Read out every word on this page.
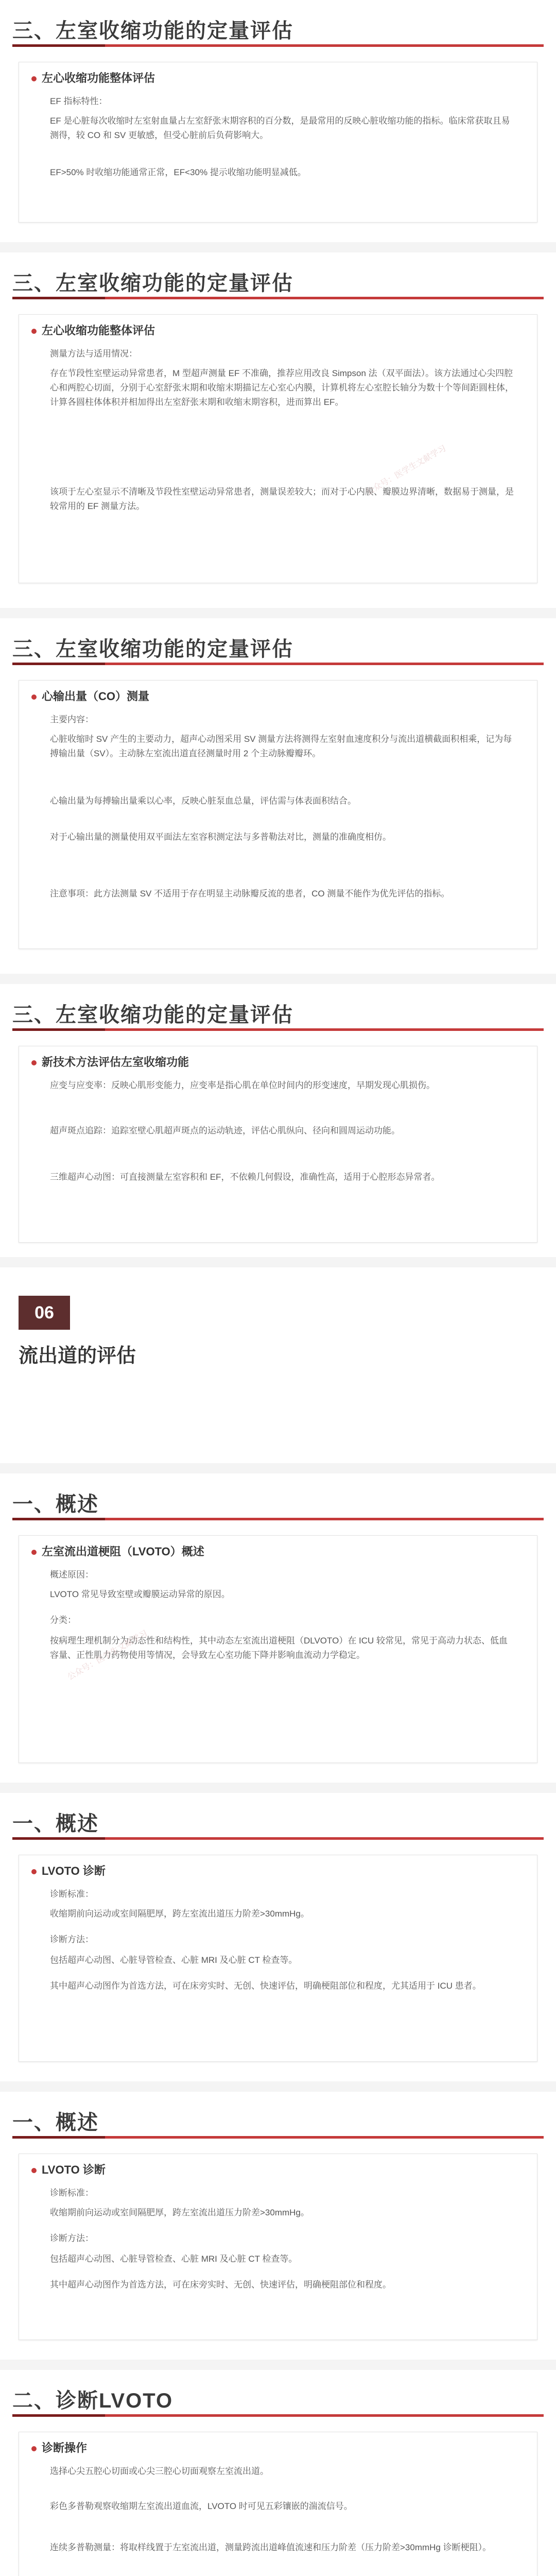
三、左室收缩功能的定量评估
左心收缩功能整体评估
EF 指标特性：
EF 是心脏每次收缩时左室射血量占左室舒张末期容积的百分数，是最常用的反映心脏收缩功能的指标。临床常获取且易测得，较 CO 和 SV 更敏感，但受心脏前后负荷影响大。
EF>50% 时收缩功能通常正常，EF<30% 提示收缩功能明显减低。
三、左室收缩功能的定量评估
左心收缩功能整体评估
测量方法与适用情况：
存在节段性室壁运动异常患者，M 型超声测量 EF 不准确，推荐应用改良 Simpson 法（双平面法）。该方法通过心尖四腔心和两腔心切面，分别于心室舒张末期和收缩末期描记左心室心内膜，计算机将左心室腔长轴分为数十个等间距圆柱体，计算各圆柱体体积并相加得出左室舒张末期和收缩末期容积，进而算出 EF。
该项于左心室显示不清晰及节段性室壁运动异常患者，测量误差较大；而对于心内膜、瓣膜边界清晰，数据易于测量，是较常用的 EF 测量方法。
三、左室收缩功能的定量评估
心输出量（CO）测量
主要内容：
心脏收缩时 SV 产生的主要动力，超声心动图采用 SV 测量方法将测得左室射血速度积分与流出道横截面积相乘，记为每搏输出量（SV）。主动脉左室流出道直径测量时用 2 个主动脉瓣瓣环。
心输出量为每搏输出量乘以心率，反映心脏泵血总量，评估需与体表面积结合。
对于心输出量的测量使用双平面法左室容积测定法与多普勒法对比，测量的准确度相仿。
注意事项：此方法测量 SV 不适用于存在明显主动脉瓣反流的患者，CO 测量不能作为优先评估的指标。
三、左室收缩功能的定量评估
新技术方法评估左室收缩功能
应变与应变率：反映心肌形变能力，应变率是指心肌在单位时间内的形变速度，早期发现心肌损伤。
超声斑点追踪：追踪室壁心肌超声斑点的运动轨迹，评估心肌纵向、径向和圆周运动功能。
三维超声心动图：可直接测量左室容积和 EF，不依赖几何假设，准确性高，适用于心腔形态异常者。
06
流出道的评估
一、概述
左室流出道梗阻（LVOTO）概述
概述原因：
LVOTO 常见导致室壁或瓣膜运动异常的原因。
分类：
按病理生理机制分为动态性和结构性，其中动态左室流出道梗阻（DLVOTO）在 ICU 较常见，常见于高动力状态、低血容量、正性肌力药物使用等情况，会导致左心室功能下降并影响血流动力学稳定。
一、概述
LVOTO 诊断
诊断标准：
收缩期前向运动或室间隔肥厚，跨左室流出道压力阶差>30mmHg。
诊断方法：
包括超声心动图、心脏导管检查、心脏 MRI 及心脏 CT 检查等。
其中超声心动图作为首选方法，可在床旁实时、无创、快速评估，明确梗阻部位和程度，尤其适用于 ICU 患者。
一、概述
LVOTO 诊断
诊断标准：
收缩期前向运动或室间隔肥厚，跨左室流出道压力阶差>30mmHg。
诊断方法：
包括超声心动图、心脏导管检查、心脏 MRI 及心脏 CT 检查等。
其中超声心动图作为首选方法，可在床旁实时、无创、快速评估，明确梗阻部位和程度。
二、诊断LVOTO
诊断操作
选择心尖五腔心切面或心尖三腔心切面观察左室流出道。
彩色多普勒观察收缩期左室流出道血流，LVOTO 时可见五彩镶嵌的湍流信号。
连续多普勒测量：将取样线置于左室流出道，测量跨流出道峰值流速和压力阶差（压力阶差>30mmHg 诊断梗阻）。
公众号：医学生文献学习
公众号：医学生文献学习
